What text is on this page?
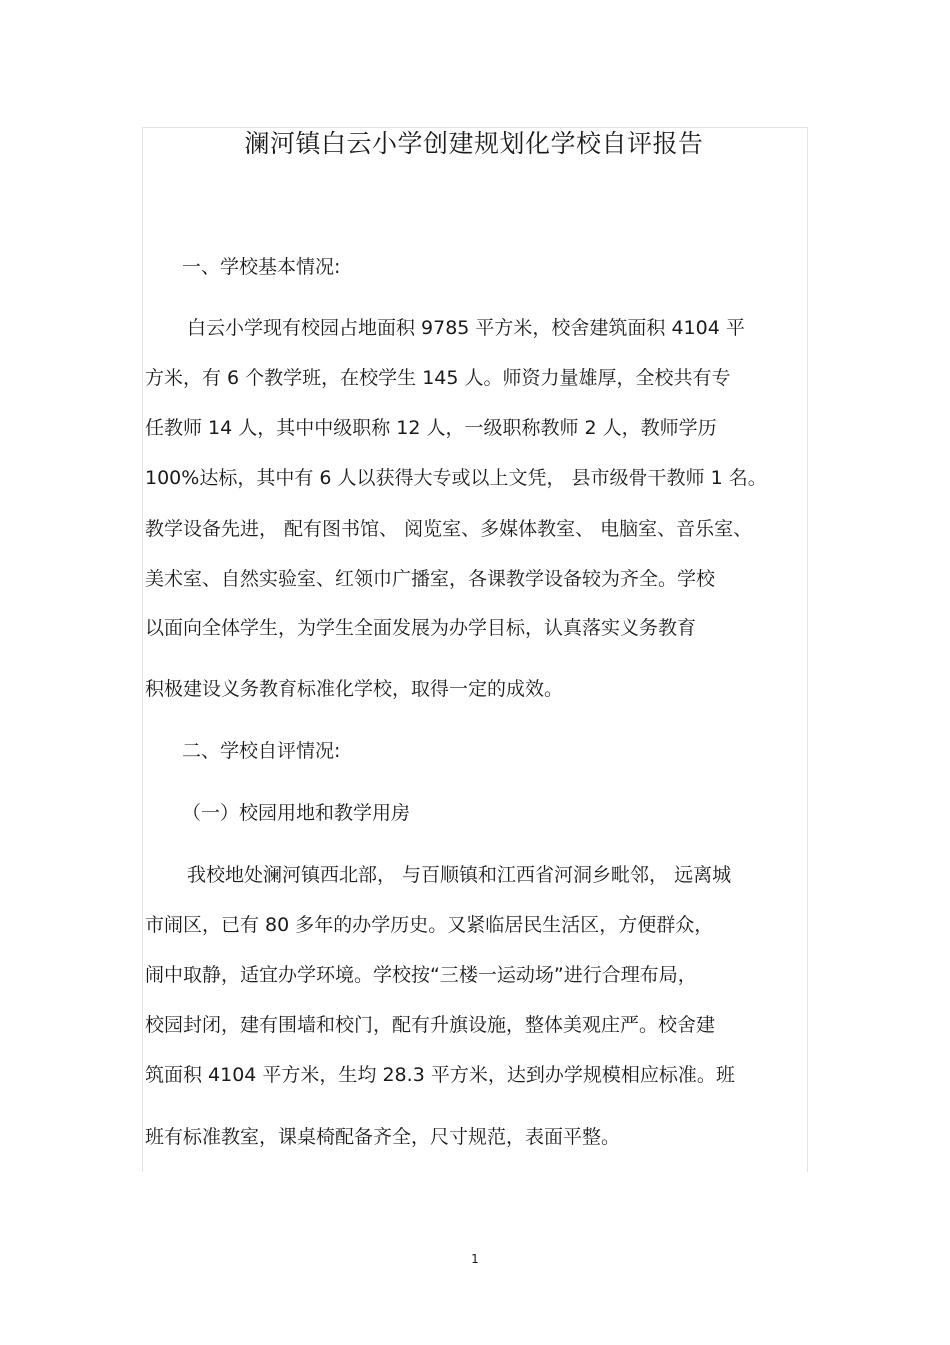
澜河镇白云小学创建规划化学校自评报告
一、学校基本情况:
白云小学现有校园占地面积 9785 平方米，校舍建筑面积 4104 平
方米，有 6 个教学班，在校学生 145 人。师资力量雄厚，全校共有专
任教师 14 人，其中中级职称 12 人，一级职称教师 2 人，教师学历
100%达标，其中有 6 人以获得大专或以上文凭， 县市级骨干教师 1 名。
教学设备先进， 配有图书馆、 阅览室、多媒体教室、 电脑室、音乐室、
美术室、自然实验室、红领巾广播室，各课教学设备较为齐全。学校
以面向全体学生，为学生全面发展为办学目标，认真落实义务教育
积极建设义务教育标准化学校，取得一定的成效。
二、学校自评情况:
（一）校园用地和教学用房
我校地处澜河镇西北部， 与百顺镇和江西省河洞乡毗邻， 远离城
市闹区，已有 80 多年的办学历史。又紧临居民生活区，方便群众，
闹中取静，适宜办学环境。学校按“三楼一运动场”进行合理布局，
校园封闭，建有围墙和校门，配有升旗设施，整体美观庄严。校舍建
筑面积 4104 平方米，生均 28.3 平方米，达到办学规模相应标准。班
班有标准教室，课桌椅配备齐全，尺寸规范，表面平整。
1
